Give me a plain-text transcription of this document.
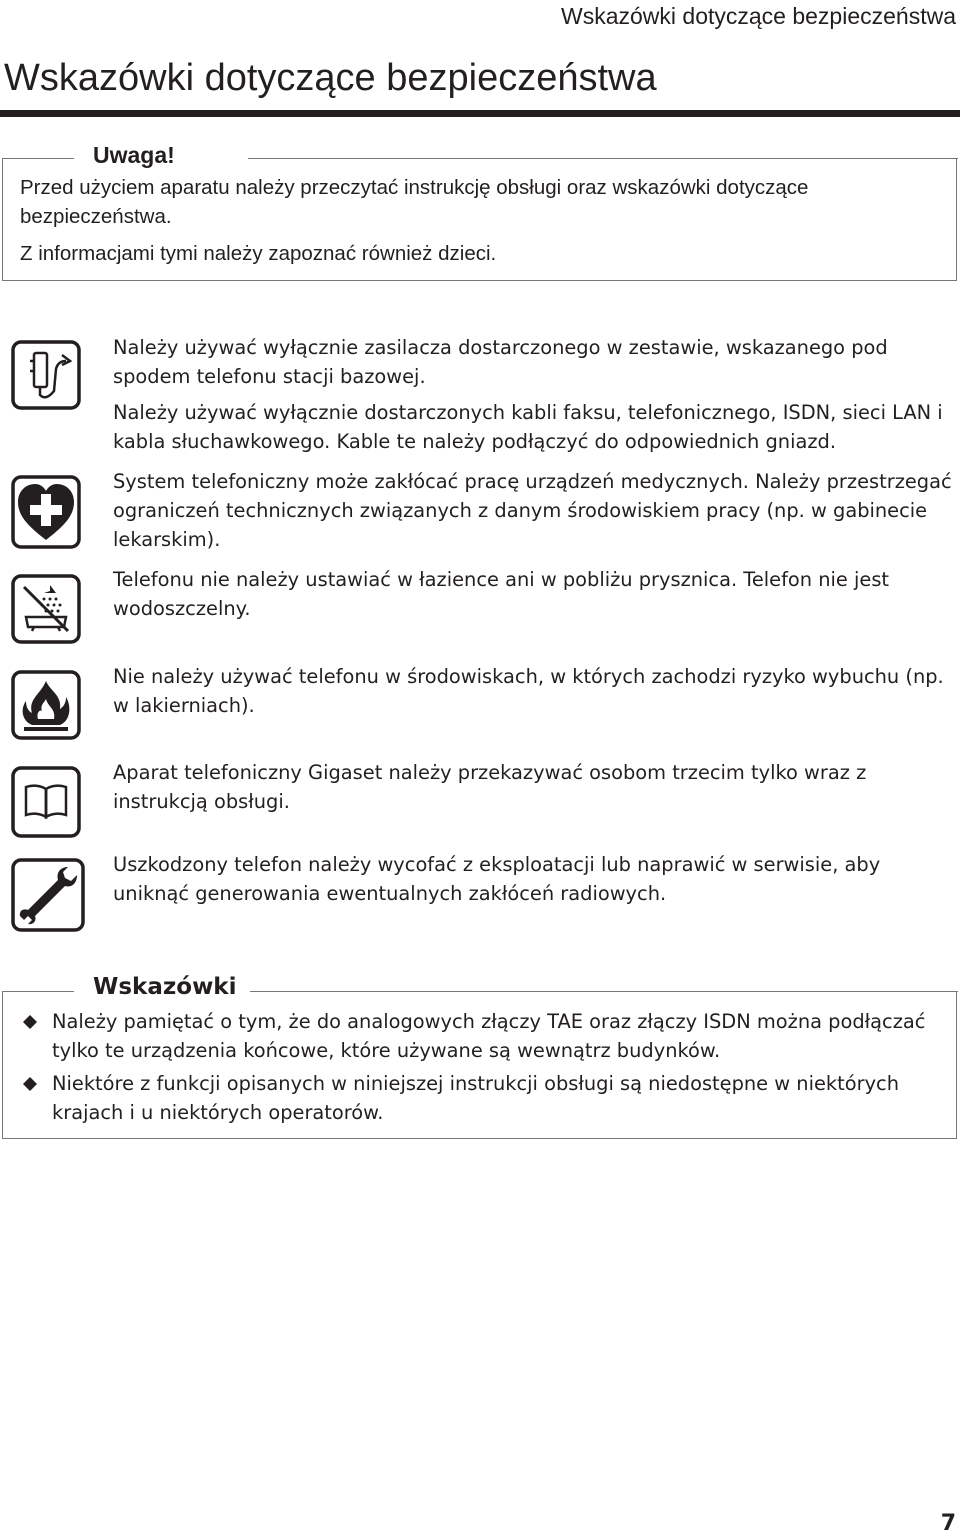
Wskazówki dotyczące bezpieczeństwa
Wskazówki dotyczące bezpieczeństwa
Uwaga!
Przed użyciem aparatu należy przeczytać instrukcję obsługi oraz wskazówki dotyczące
bezpieczeństwa.
Z informacjami tymi należy zapoznać również dzieci.
Należy używać wyłącznie zasilacza dostarczonego w zestawie, wskazanego pod spodem telefonu stacji bazowej.
Należy używać wyłącznie dostarczonych kabli faksu, telefonicznego, ISDN, sieci LAN i kabla słuchawkowego. Kable te należy podłączyć do odpowiednich gniazd.
System telefoniczny może zakłócać pracę urządzeń medycznych. Należy przestrzegać ograniczeń technicznych związanych z danym środowiskiem pracy (np. w gabinecie lekarskim).
Telefonu nie należy ustawiać w łazience ani w pobliżu prysznica. Telefon nie jest wodoszczelny.
Nie należy używać telefonu w środowiskach, w których zachodzi ryzyko wybuchu (np. w lakierniach).
Aparat telefoniczny Gigaset należy przekazywać osobom trzecim tylko wraz z instrukcją obsługi.
Uszkodzony telefon należy wycofać z eksploatacji lub naprawić w serwisie, aby uniknąć generowania ewentualnych zakłóceń radiowych.
Wskazówki
Należy pamiętać o tym, że do analogowych złączy TAE oraz złączy ISDN można podłączać tylko te urządzenia końcowe, które używane są wewnątrz budynków.
Niektóre z funkcji opisanych w niniejszej instrukcji obsługi są niedostępne w niektórych krajach i u niektórych operatorów.
7
